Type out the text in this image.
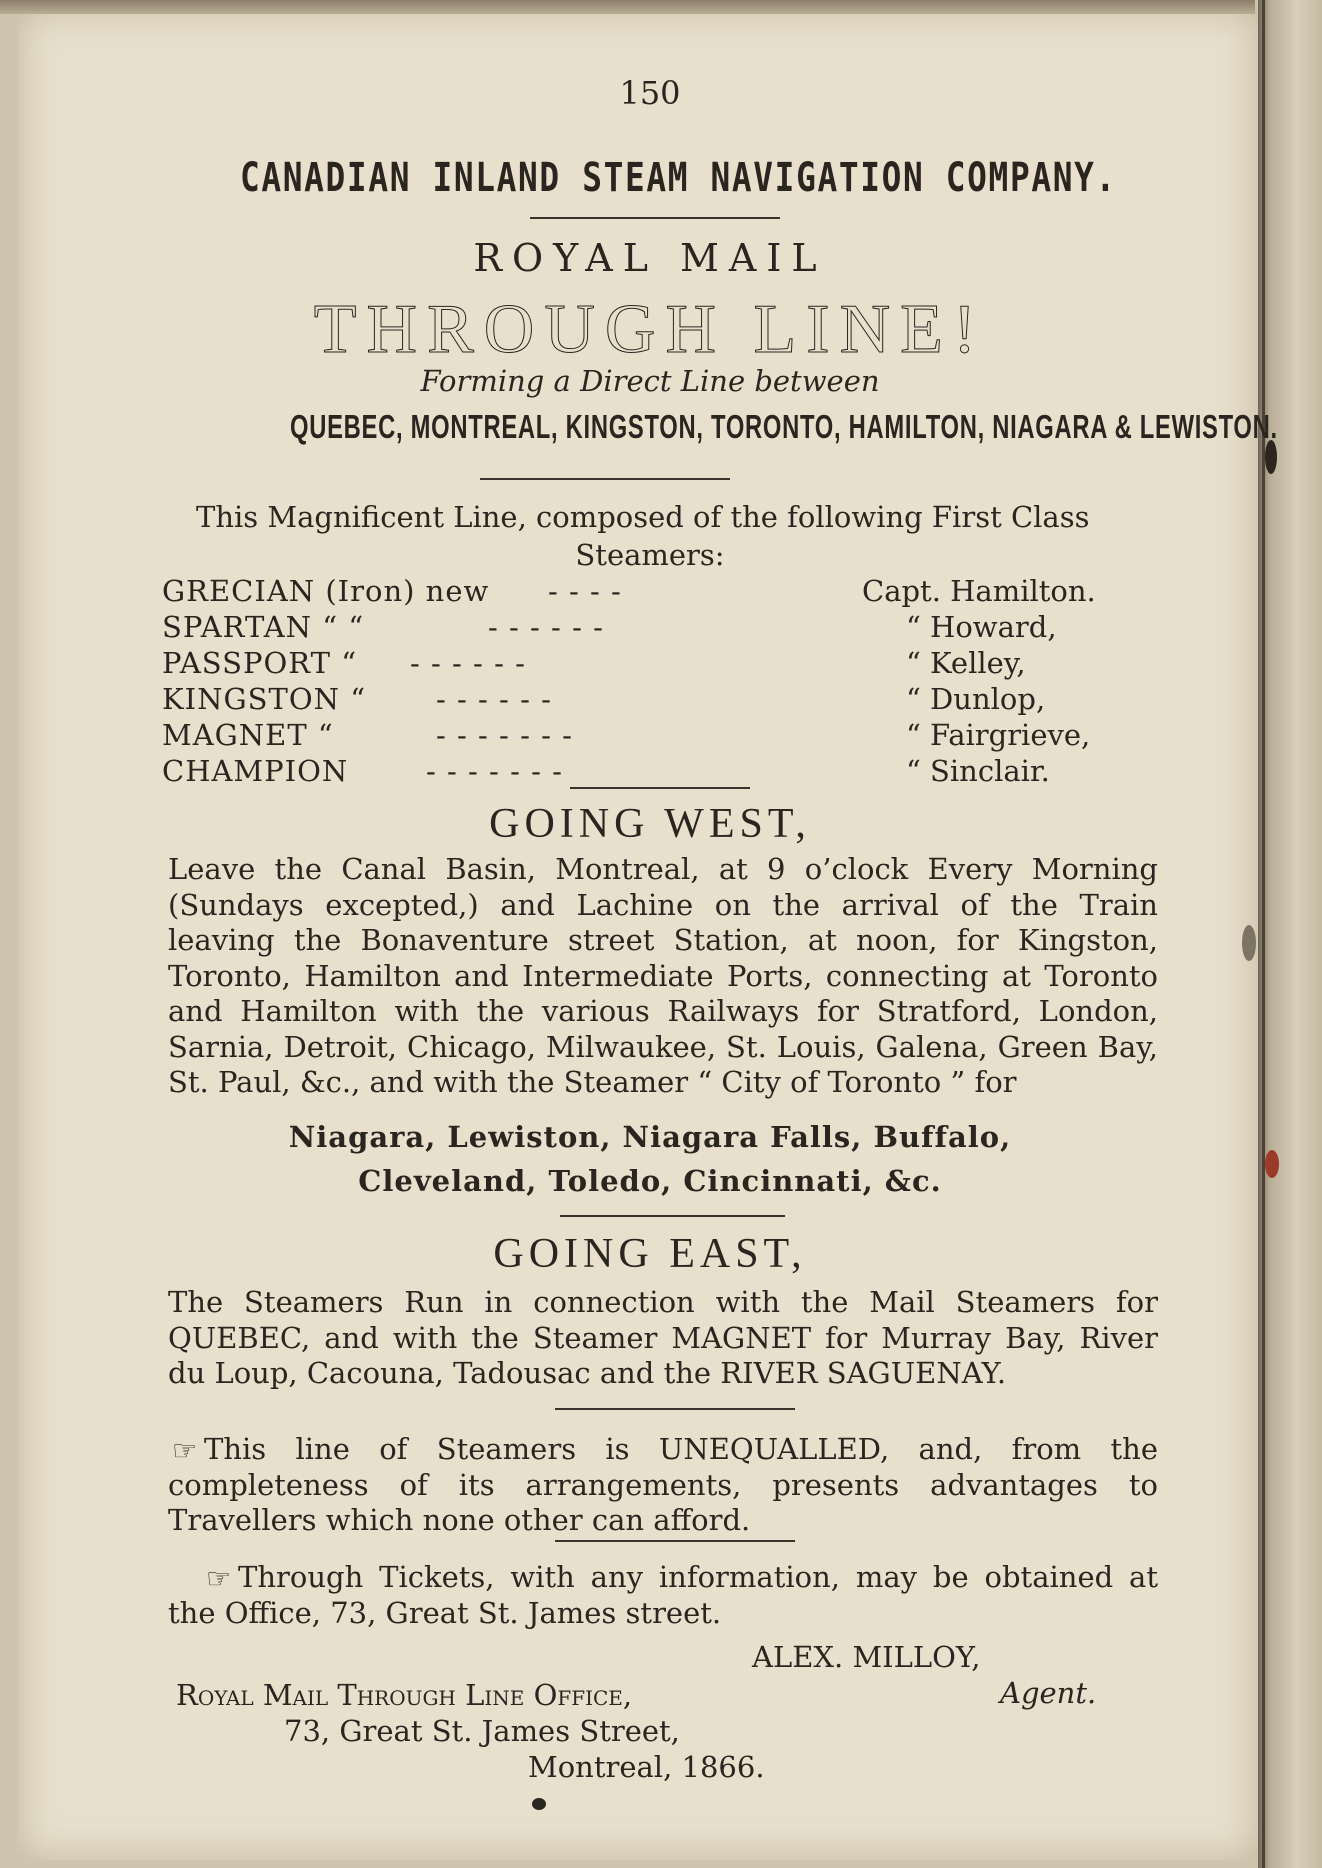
150
CANADIAN INLAND STEAM NAVIGATION COMPANY.
ROYAL MAIL
THROUGH LINE!
Forming a Direct Line between
QUEBEC, MONTREAL, KINGSTON, TORONTO, HAMILTON, NIAGARA & LEWISTON.
This Magnificent Line, composed of the following First Class
Steamers:
GRECIAN (Iron) new - - - -	Capt. Hamilton.
SPARTAN “ “	- - - - - -	“ Howard,
PASSPORT “ - - - - - -	“ Kelley,
KINGSTON “ - - - - - -	“ Dunlop,
MAGNET “	- - - - - - -	“ Fairgrieve,
CHAMPION	- - - - - - -	“ Sinclair.
GOING WEST,
Leave the Canal Basin, Montreal, at 9 o’clock Every Morning (Sundays excepted,) and Lachine on the arrival of the Train leaving the Bonaventure street Station, at noon, for Kingston, Toronto, Hamilton and Intermediate Ports, connecting at Toronto and Hamilton with the various Railways for Stratford, London, Sarnia, Detroit, Chicago, Milwaukee, St. Louis, Galena, Green Bay, St. Paul, &c., and with the Steamer “ City of Toronto ” for
Niagara, Lewiston, Niagara Falls, Buffalo,
Cleveland, Toledo, Cincinnati, &c.
GOING EAST,
The Steamers Run in connection with the Mail Steamers for QUEBEC, and with the Steamer MAGNET for Murray Bay, River du Loup, Cacouna, Tadousac and the RIVER SAGUENAY.
☞ This line of Steamers is UNEQUALLED, and, from the completeness of its arrangements, presents advantages to Travellers which none other can afford.
☞ Through Tickets, with any information, may be obtained at the Office, 73, Great St. James street.
ALEX. MILLOY,
Agent.
Royal Mail Through Line Office,
73, Great St. James Street,
Montreal, 1866.
